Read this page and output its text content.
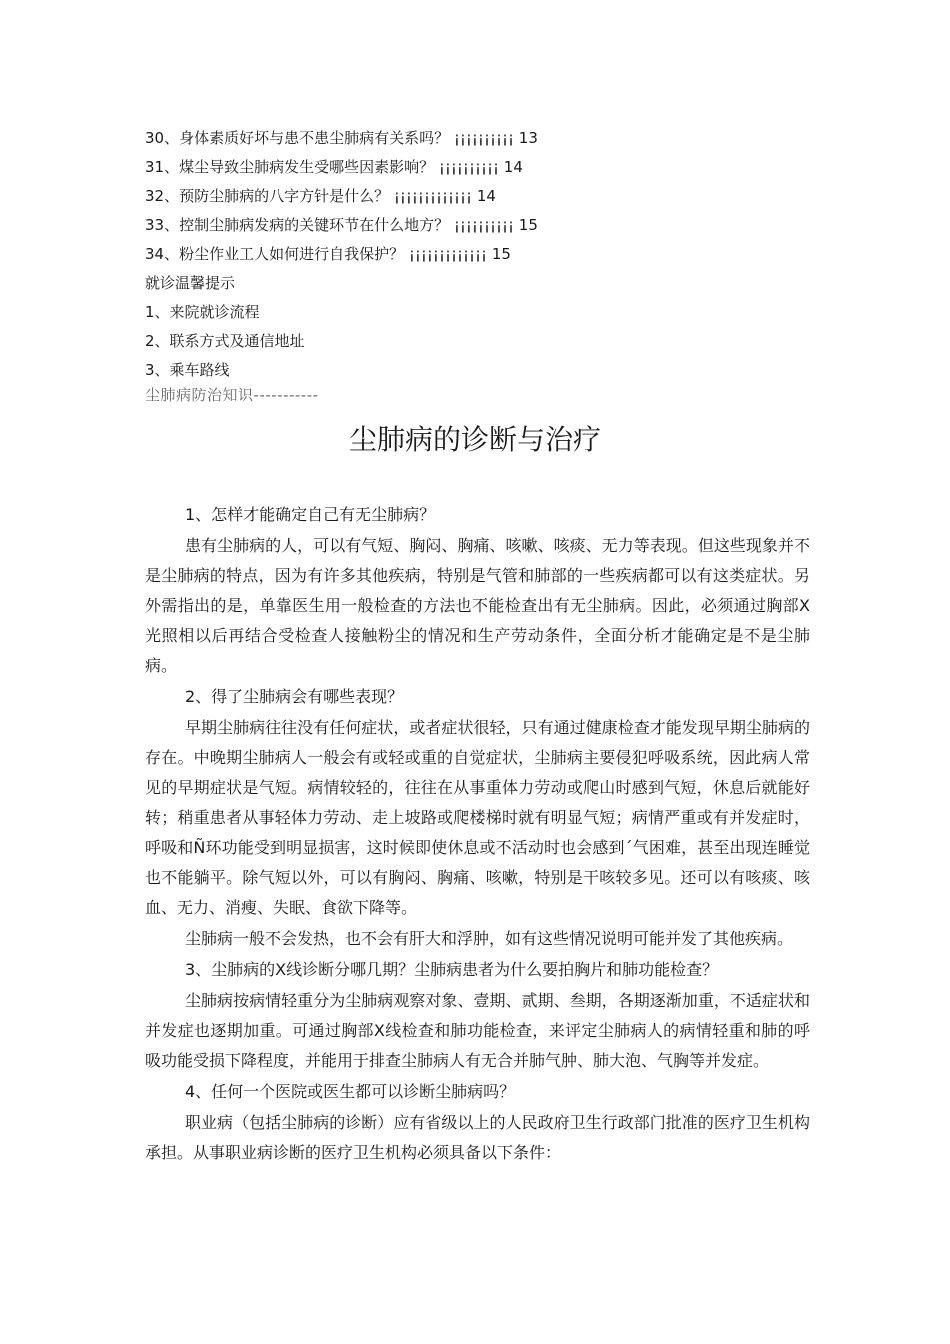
30、身体素质好坏与患不患尘肺病有关系吗？ ¡¡¡¡¡¡¡¡¡¡ 13
31、煤尘导致尘肺病发生受哪些因素影响？ ¡¡¡¡¡¡¡¡¡¡ 14
32、预防尘肺病的八字方针是什么？ ¡¡¡¡¡¡¡¡¡¡¡¡¡ 14
33、控制尘肺病发病的关键环节在什么地方？ ¡¡¡¡¡¡¡¡¡¡ 15
34、粉尘作业工人如何进行自我保护？ ¡¡¡¡¡¡¡¡¡¡¡¡¡ 15
就诊温馨提示
1、来院就诊流程
2、联系方式及通信地址
3、乘车路线
尘肺病防治知识-----------
尘肺病的诊断与治疗

1、怎样才能确定自己有无尘肺病？

患有尘肺病的人，可以有气短、胸闷、胸痛、咳嗽、咳痰、无力等表现。但这些现象并不是尘肺病的特点，因为有许多其他疾病，特别是气管和肺部的一些疾病都可以有这类症状。另外需指出的是，单靠医生用一般检查的方法也不能检查出有无尘肺病。因此，必须通过胸部X光照相以后再结合受检查人接触粉尘的情况和生产劳动条件，全面分析才能确定是不是尘肺病。

2、得了尘肺病会有哪些表现？

早期尘肺病往往没有任何症状，或者症状很轻，只有通过健康检查才能发现早期尘肺病的存在。中晚期尘肺病人一般会有或轻或重的自觉症状，尘肺病主要侵犯呼吸系统，因此病人常见的早期症状是气短。病情较轻的，往往在从事重体力劳动或爬山时感到气短，休息后就能好转；稍重患者从事轻体力劳动、走上坡路或爬楼梯时就有明显气短；病情严重或有并发症时，呼吸和Ñ环功能受到明显损害，这时候即使休息或不活动时也会感到´气困难，甚至出现连睡觉也不能躺平。除气短以外，可以有胸闷、胸痛、咳嗽，特别是干咳较多见。还可以有咳痰、咳血、无力、消瘦、失眠、食欲下降等。

尘肺病一般不会发热，也不会有肝大和浮肿，如有这些情况说明可能并发了其他疾病。

3、尘肺病的X线诊断分哪几期？尘肺病患者为什么要拍胸片和肺功能检查？

尘肺病按病情轻重分为尘肺病观察对象、壹期、贰期、叁期，各期逐渐加重，不适症状和并发症也逐期加重。可通过胸部X线检查和肺功能检查，来评定尘肺病人的病情轻重和肺的呼吸功能受损下降程度，并能用于排查尘肺病人有无合并肺气肿、肺大泡、气胸等并发症。

4、任何一个医院或医生都可以诊断尘肺病吗？

职业病（包括尘肺病的诊断）应有省级以上的人民政府卫生行政部门批准的医疗卫生机构承担。从事职业病诊断的医疗卫生机构必须具备以下条件：
